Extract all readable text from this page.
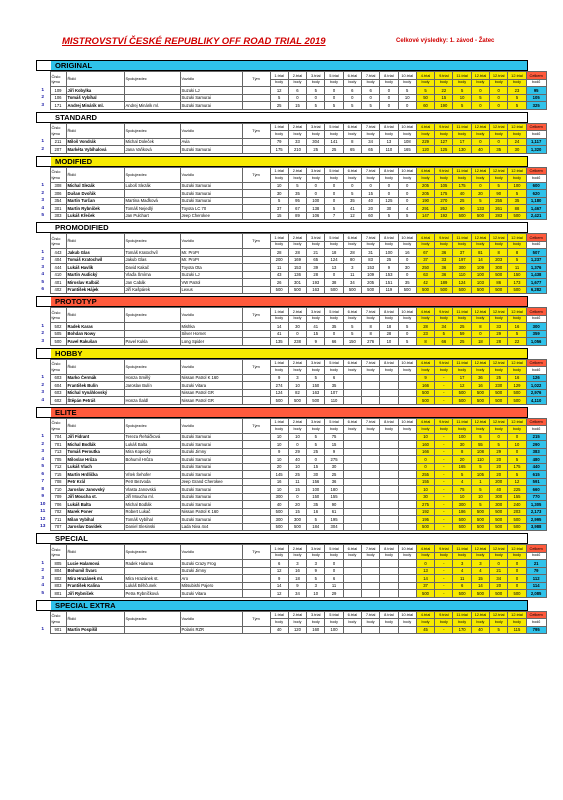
MISTROVSTVÍ ČESKÉ REPUBLIKY OFF ROAD TRIAL 2019	Celkové výsledky: 1. závod - Žatec
ORIGINAL
	Číslo týmu	Řidič	Spolujezdec	Vozidlo	Tým	1.trial	2.trial	3.trial	5.trial	6.trial	7.trial	8.trial	10.trial	4.trial	9.trial	11.trial	12.trial	12.trial	12.trial	Celkem
						body	body	body	body	body	body	body	body	body	body	body	body	body	body	bodů
1	109	Jiří Kobylka		Suzuki LJ		12	6	5	0	6	6	0	5	5	22	5	0	0	23	95
2	106	Tomáš Vybíhal		Suzuki Samurai		5	0	0	0	0	0	0	10	50	15	10	5	0	5	105
3	171	Andrej Minárik ml.	Andrej Minárik ml.	Suzuki Samurai		25	15	5	5	5	5	0	0	60	190	5	0	0	5	325
STANDARD
	Číslo týmu	Řidič	Spolujezdec	Vozidlo	Tým	1.trial	2.trial	3.trial	5.trial	6.trial	7.trial	8.trial	10.trial	4.trial	9.trial	11.trial	12.trial	12.trial	12.trial	Celkem
						body	body	body	body	body	body	body	body	body	body	body	body	body	body	bodů
1	211	Miloš Vondrák	Michal Doleček	Avia		79	33	304	141	8	34	13	108	229	127	17	0	0	24	1,117
2	207	Markéta Vybíhalová	Jana Vaňková	Suzuki Samurai		175	210	25	25	65	65	110	165	120	125	130	40	35	30	1,320
MODIFIED
	Číslo týmu	Řidič	Spolujezdec	Vozidlo	Tým	1.trial	2.trial	3.trial	5.trial	6.trial	7.trial	8.trial	10.trial	4.trial	9.trial	11.trial	12.trial	12.trial	12.trial	Celkem
						body	body	body	body	body	body	body	body	body	body	body	body	body	body	bodů
1	308	Michal Slezák	Luboš Slezák	Suzuki Samurai		10	5	0	0	0	0	0	0	205	105	175	0	5	100	600
2	306	Dušan Dvořák		Suzuki Samurai		30	35	0	0	5	15	0	0	205	175	40	20	90	5	620
3	354	Martin Turčan	Martina Maďková	Suzuki Samurai		5	95	100	0	35	40	125	0	190	270	25	5	255	35	1,180
4	301	Martin Rybníček	Tomáš Nejedlý	Toyota LC 70		37	67	138	5	41	20	30	4	291	262	90	133	261	88	1,467
5	303	Lukáš Křeček	Jan Pulchart	Jeep Cherokee		15	89	106	7	12	60	5	5	147	192	500	500	283	500	2,421
PROMODIFIED
	Číslo týmu	Řidič	Spolujezdec	Vozidlo	Tým	1.trial	2.trial	3.trial	5.trial	6.trial	7.trial	8.trial	10.trial	4.trial	9.trial	11.trial	12.trial	12.trial	12.trial	Celkem
						body	body	body	body	body	body	body	body	body	body	body	body	body	body	bodů
1	443	Jakub Glas	Tomáš Kratochvíl	Mr. ProPr		28	28	21	18	28	31	100	16	67	36	37	81	8	8	507
2	404	Tomáš Kratochvíl	Jakub Glas	Mr. ProPr		200	169	65	124	80	83	25	0	37	33	197	14	203	5	1,237
3	444	Lukáš Havlík	David Kakač	Toyota Ota		11	153	39	13	3	153	9	30	250	36	300	109	300	11	1,376
4	410	Martin Audický	Vlaďa Šmíma	Suzuki LJ		43	136	28	0	11	109	153	0	63	36	110	100	500	150	1,438
5	401	Miroslav Kalbáč	Jan Cabák	VW Patrol		26	301	193	38	34	205	151	35	42	189	124	103	86	173	1,677
6	402	František Hájek	Jiří Kašpárek	Lexus		500	500	163	500	500	500	119	500	500	500	500	500	500	500	6,282
PROTOTYP
	Číslo týmu	Řidič	Spolujezdec	Vozidlo	Tým	1.trial	2.trial	3.trial	5.trial	6.trial	7.trial	8.trial	10.trial	4.trial	9.trial	11.trial	12.trial	12.trial	12.trial	Celkem
						body	body	body	body	body	body	body	body	body	body	body	body	body	body	bodů
1	502	Radek Karas		Mishka		14	30	41	35	5	8	18	5	28	34	25	8	33	16	300
2	505	Bohdan Nowy		Silver Hornet		41	0	15	0	5	8	28	0	23	5	59	0	29	5	359
3	500	Pavel Rakušan	Pavel Kukla	Long Spider		135	238	9	66	150	276	10	5	8	66	25	18	28	22	1,056
HOBBY
	Číslo týmu	Řidič	Spolujezdec	Vozidlo	Tým	1.trial	2.trial	3.trial	5.trial	6.trial	7.trial	8.trial	10.trial	4.trial	9.trial	11.trial	12.trial	12.trial	12.trial	Celkem
						body	body	body	body	body	body	body	body	body	body	body	body	body	body	bodů
1	603	Marko Čermák	Honza Smělý	Nissan Patrol K 160		9	3	5	6					9	-	17	36	25	16	126
2	604	František Bulín	Jaroslav Bulín	Suzuki Vitara		274	10	150	35					166	-	12	16	230	129	1,022
3	603	Michal Vynáhlovský		Nissan Patrol GR		124	82	163	107					500	-	500	500	500	500	2,976
4	602	Štěpán Petráš	Honza Šaldl	Nissan Patrol GR		500	500	500	110					500	-	500	500	500	500	4,110
ELITE
	Číslo týmu	Řidič	Spolujezdec	Vozidlo	Tým	1.trial	2.trial	3.trial	5.trial	6.trial	7.trial	8.trial	10.trial	4.trial	9.trial	11.trial	12.trial	12.trial	12.trial	Celkem
						body	body	body	body	body	body	body	body	body	body	body	body	body	body	bodů
1	704	Jiří Fidrant	Tereza Řeháčková	Suzuki Samurai		10	10	5	75					10	-	100	5	0	0	215
2	701	Michal Bodlák	Lukáš Balta	Suzuki Samurai		10	0	5	15					160	-	30	55	5	10	290
3	713	Tomáš Peroutka	Mira Kopecký	Suzuki Jimny		9	29	25	9					166	-	8	108	29	0	383
4	705	Miloslav Hrůza	Bohumil Hrůza	Suzuki Samurai		10	40	0	275					0	-	20	110	20	5	480
5	712	Lukáš Vlach		Suzuki Samurai		20	10	15	30					0	-	165	5	20	175	440
6	715	Martin Hrdlička	Vítek Šehofer	Suzuki Samurai		145	25	30	25					255	-	5	105	20	5	615
7	708	Petr Král	Petr Bezvoda	Jeep Grand Cherokee		16	11	156	36					155	-	4	1	200	12	591
8	710	Jaroslav Janovský	Vlasta Janovská	Suzuki Samurai		10	15	100	180					10	-	75	5	40	225	660
9	709	Jiří Moucha st.	Jiří Moucha ml.	Suzuki Samurai		300	0	150	155					30	-	10	10	300	155	770
10	706	Lukáš Balta	Michal Bodlák	Suzuki Samurai		40	20	35	90					275	-	300	5	300	240	1,305
11	702	Marek Poner	Robert Lukač	Nissan Patrol K 160		500	15	16	61					192	-	186	500	500	203	2,173
12	711	Milan Vybíhal	Tomáš Vybíhal	Suzuki Samurai		300	300	5	195					195	-	500	500	500	500	2,995
13	707	Jaroslav Davídek	Daniel Slesinski	Lada Niva 4x4		500	500	184	304					500	-	500	500	500	500	3,988
SPECIAL
	Číslo týmu	Řidič	Spolujezdec	Vozidlo	Tým	1.trial	2.trial	3.trial	5.trial	6.trial	7.trial	8.trial	10.trial	4.trial	9.trial	11.trial	12.trial	12.trial	12.trial	Celkem
						body	body	body	body	body	body	body	body	body	body	body	body	body	body	bodů
1	805	Lucie Halamová	Radek Halama	Suzuki Crazy Frog		6	3	3	0					0	-	3	3	0	0	21
2	804	Bohumil Švarc		Suzuki Jimny		12	16	9	0					13	-	4	4	21	0	79
3	802	Míra Hrazánek ml.	Míra Hrazánek st.	Aro		9	18	5	6					14	-	11	15	34	0	112
4	803	František Kalina	Lukáš Běhčunek	Mitsubishi Pajero		14	9	3	11					37	-	6	14	20	0	114
5	801	Jiří Rybníček	Petra Rybníčková	Suzuki Vitara		12	34	10	29					500	-	500	500	500	500	2,085
SPECIAL EXTRA
	Číslo týmu	Řidič	Spolujezdec	Vozidlo	Tým	1.trial	2.trial	3.trial	5.trial	6.trial	7.trial	8.trial	10.trial	4.trial	9.trial	11.trial	12.trial	12.trial	12.trial	Celkem
						body	body	body	body	body	body	body	body	body	body	body	body	body	body	bodů
1	901	Martin Pospíšil		Polaris RZR		40	120	160	100					45	-	170	40	5	115	795
